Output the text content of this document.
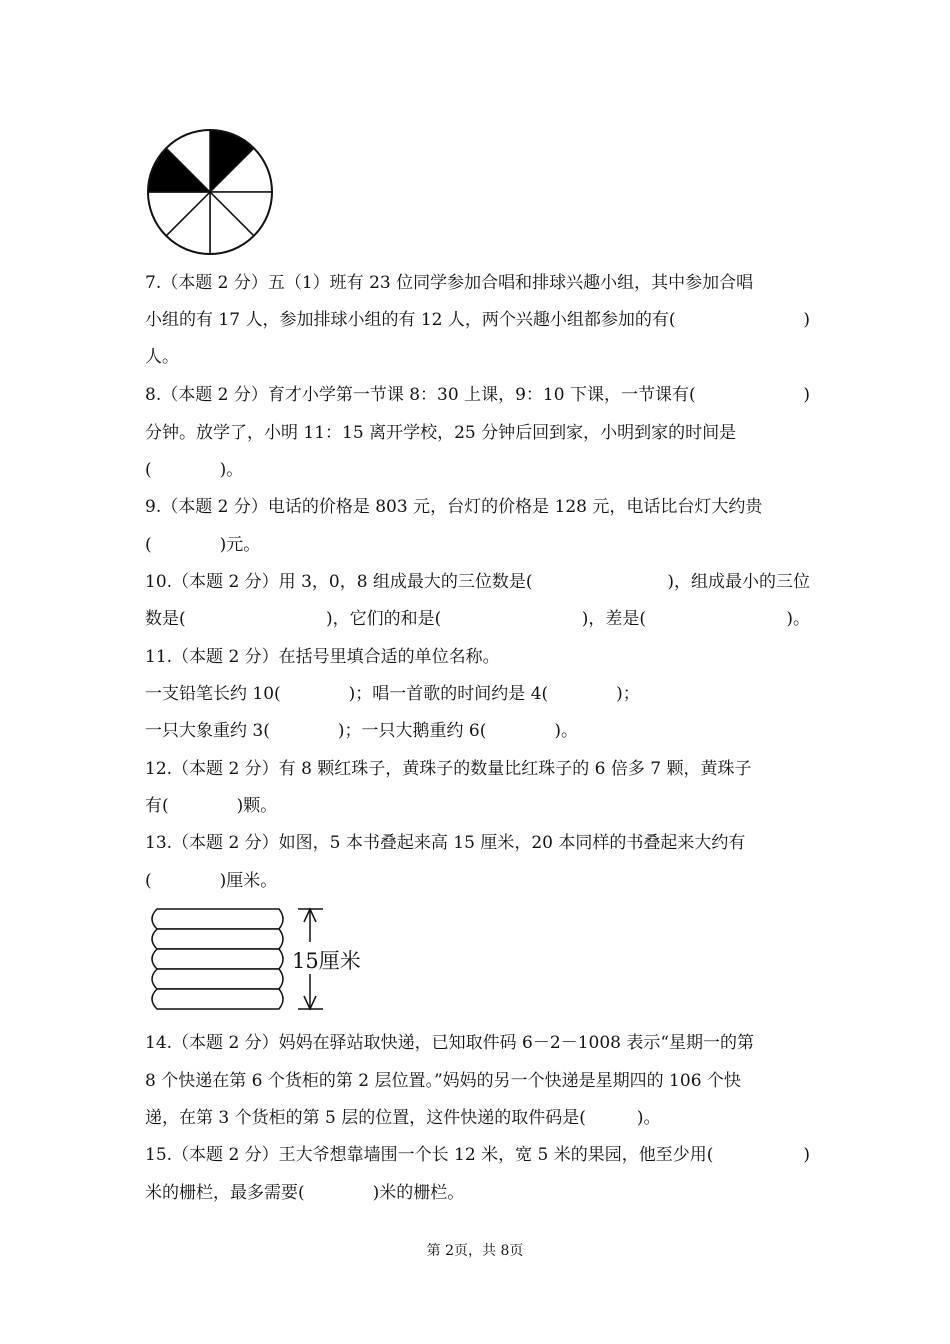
7.（本题 2 分）五（1）班有 23 位同学参加合唱和排球兴趣小组，其中参加合唱
小组的有 17 人，参加排球小组的有 12 人，两个兴趣小组都参加的有(	)
人。
8.（本题 2 分）育才小学第一节课 8：30 上课，9：10 下课，一节课有(	)
分钟。放学了，小明 11：15 离开学校，25 分钟后回到家，小明到家的时间是
(　　　　)。
9.（本题 2 分）电话的价格是 803 元，台灯的价格是 128 元，电话比台灯大约贵
(　　　　)元。
10.（本题 2 分）用 3，0，8 组成最大的三位数是(	)，组成最小的三位
数是(	)，它们的和是(	)，差是(	)。
11.（本题 2 分）在括号里填合适的单位名称。
一支铅笔长约 10(　　　　)；唱一首歌的时间约是 4(　　　　)；
一只大象重约 3(　　　　)；一只大鹅重约 6(　　　　)。
12.（本题 2 分）有 8 颗红珠子，黄珠子的数量比红珠子的 6 倍多 7 颗，黄珠子
有(　　　　)颗。
13.（本题 2 分）如图，5 本书叠起来高 15 厘米，20 本同样的书叠起来大约有
(　　　　)厘米。
14.（本题 2 分）妈妈在驿站取快递，已知取件码 6－2－1008 表示“星期一的第
8 个快递在第 6 个货柜的第 2 层位置。”妈妈的另一个快递是星期四的 106 个快
递，在第 3 个货柜的第 5 层的位置，这件快递的取件码是(　　　)。
15.（本题 2 分）王大爷想靠墙围一个长 12 米，宽 5 米的果园，他至少用(	)
米的栅栏，最多需要(　　　　)米的栅栏。
15厘米
第 2页，共 8页
